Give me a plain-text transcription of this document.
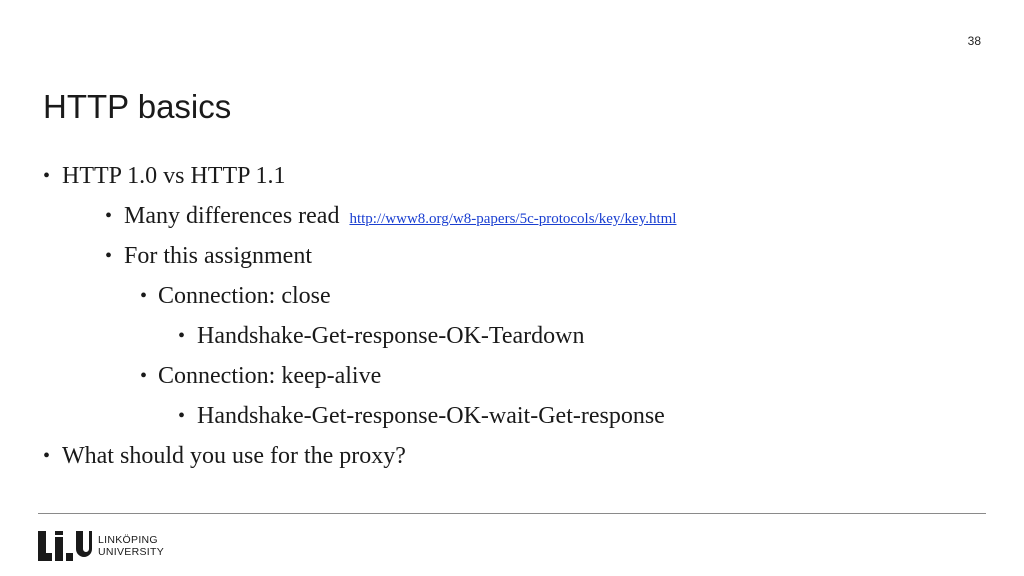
38
HTTP basics
• HTTP 1.0 vs HTTP 1.1
• Many differences read http://www8.org/w8-papers/5c-protocols/key/key.html
• For this assignment
• Connection: close
• Handshake-Get-response-OK-Teardown
• Connection: keep-alive
• Handshake-Get-response-OK-wait-Get-response
• What should you use for the proxy?
LINKÖPING
UNIVERSITY
